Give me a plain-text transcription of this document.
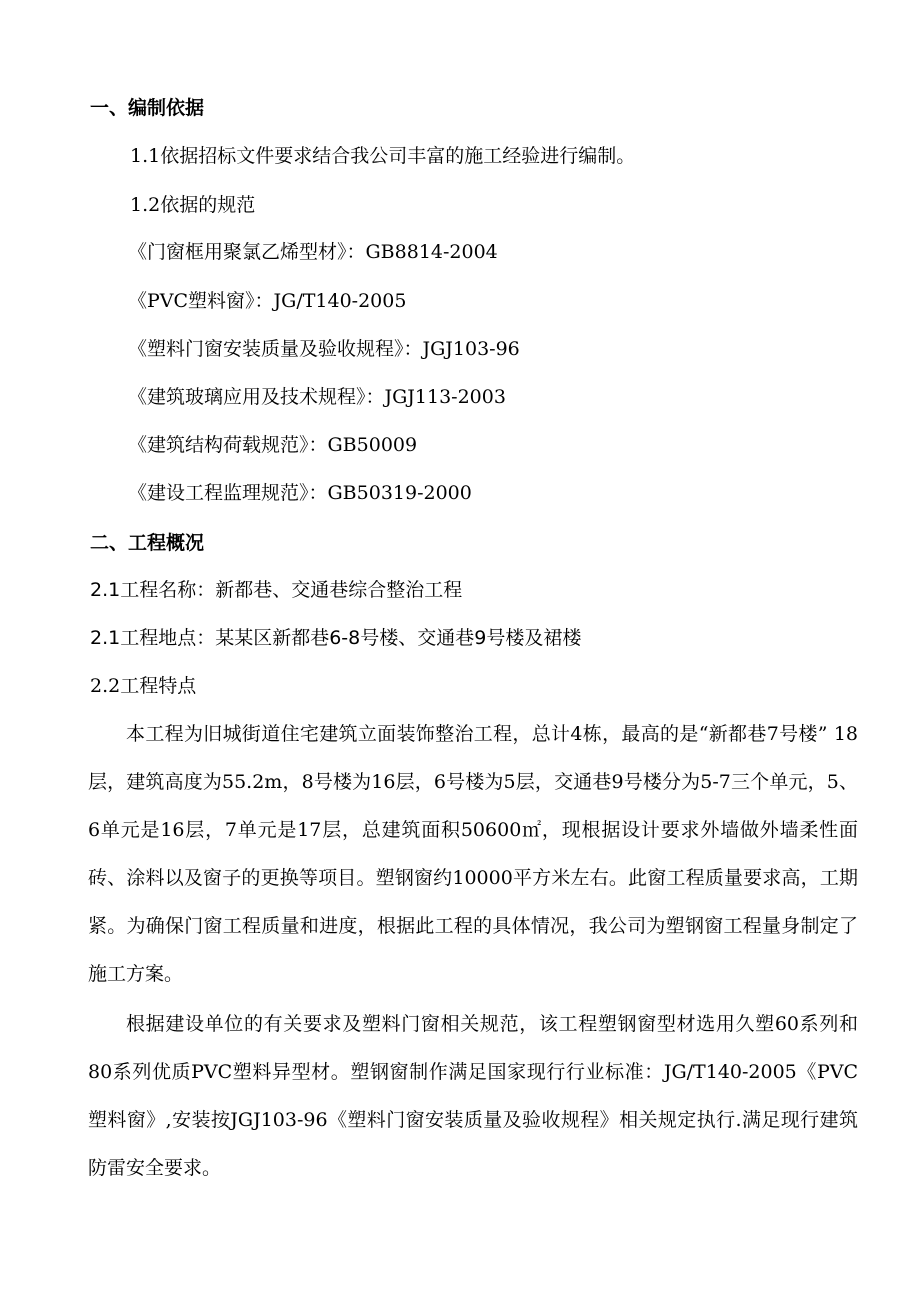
一、编制依据
1.1依据招标文件要求结合我公司丰富的施工经验进行编制。
1.2依据的规范
《门窗框用聚氯乙烯型材》：GB8814-2004
《PVC塑料窗》：JG/T140-2005
《塑料门窗安装质量及验收规程》：JGJ103-96
《建筑玻璃应用及技术规程》：JGJ113-2003
《建筑结构荷载规范》：GB50009
《建设工程监理规范》：GB50319-2000
二、工程概况
2.1工程名称：新都巷、交通巷综合整治工程
2.1工程地点：某某区新都巷6-8号楼、交通巷9号楼及裙楼
2.2工程特点

本工程为旧城街道住宅建筑立面装饰整治工程，总计4栋，最高的是“新都巷7号楼” 18层，建筑高度为55.2m，8号楼为16层，6号楼为5层，交通巷9号楼分为5-7三个单元，5、6单元是16层，7单元是17层，总建筑面积50600㎡，现根据设计要求外墙做外墙柔性面砖、涂料以及窗子的更换等项目。塑钢窗约10000平方米左右。此窗工程质量要求高，工期紧。为确保门窗工程质量和进度，根据此工程的具体情况，我公司为塑钢窗工程量身制定了施工方案。

根据建设单位的有关要求及塑料门窗相关规范，该工程塑钢窗型材选用久塑60系列和80系列优质PVC塑料异型材。塑钢窗制作满足国家现行行业标准：JG/T140-2005《PVC塑料窗》,安装按JGJ103-96《塑料门窗安装质量及验收规程》相关规定执行.满足现行建筑防雷安全要求。
